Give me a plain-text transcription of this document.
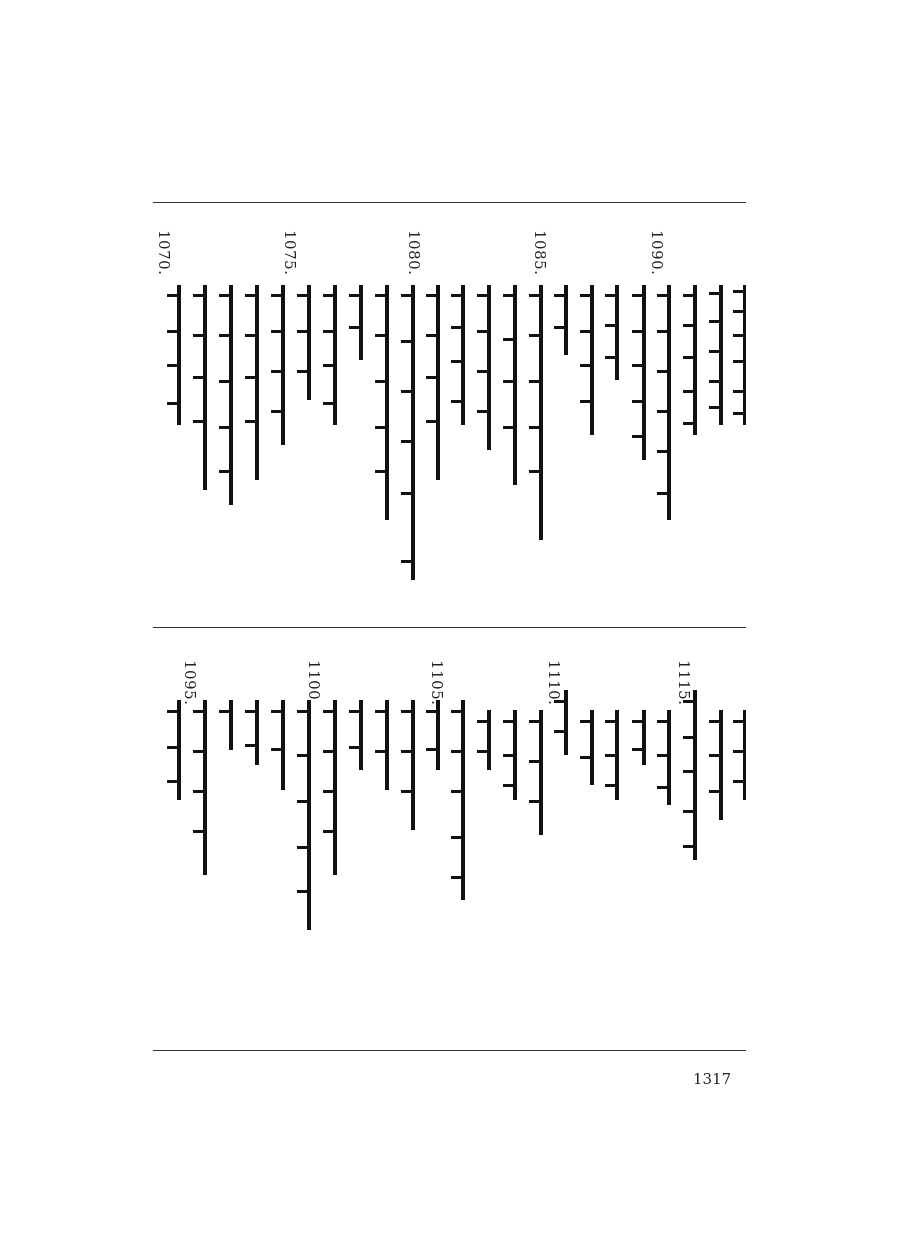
1090.
1085.
1080.
1075.
1070.
1115.
1110.
1105.
1100.
1095.
1317
